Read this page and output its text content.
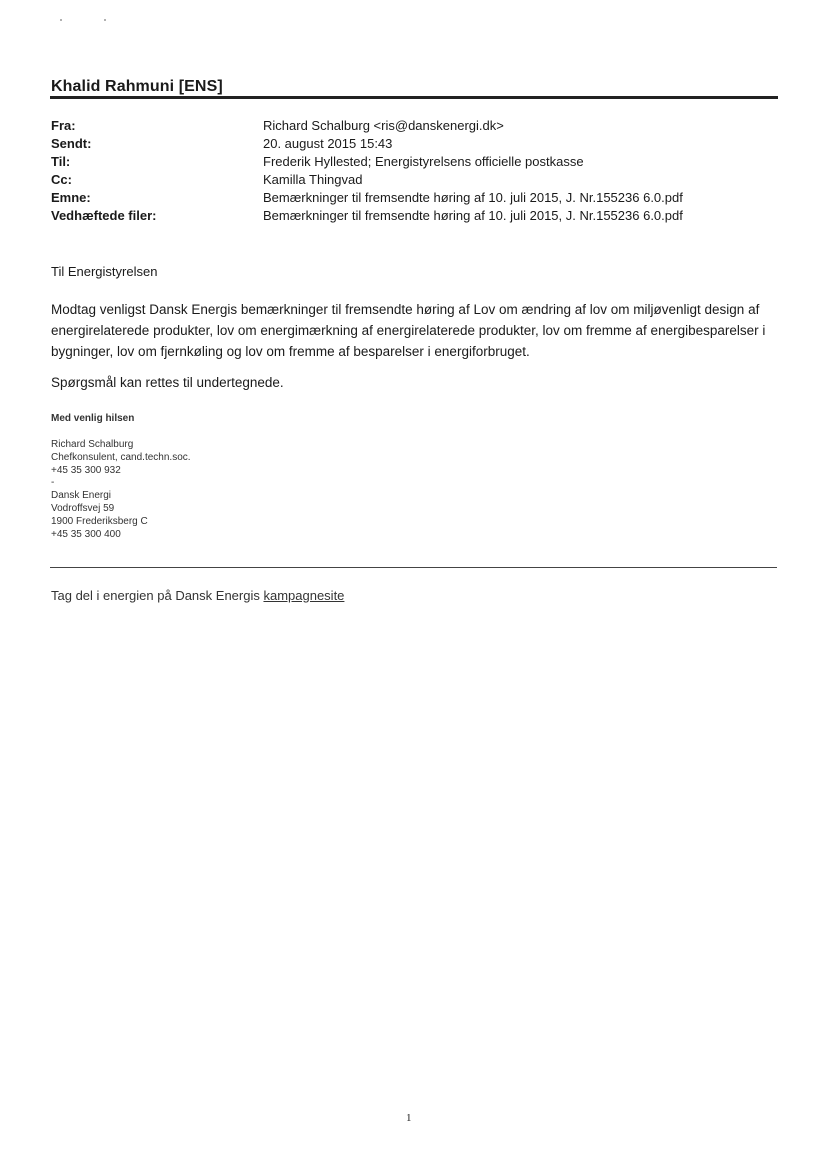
Khalid Rahmuni [ENS]
Fra:	Richard Schalburg <ris@danskenergi.dk>
Sendt:	20. august 2015 15:43
Til:	Frederik Hyllested; Energistyrelsens officielle postkasse
Cc:	Kamilla Thingvad
Emne:	Bemærkninger til fremsendte høring af 10. juli 2015, J. Nr.155236 6.0.pdf
Vedhæftede filer:	Bemærkninger til fremsendte høring af 10. juli 2015, J. Nr.155236 6.0.pdf
Til Energistyrelsen
Modtag venligst Dansk Energis bemærkninger til fremsendte høring af Lov om ændring af lov om miljøvenligt design af energirelaterede produkter, lov om energimærkning af energirelaterede produkter, lov om fremme af energibesparelser i bygninger, lov om fjernkøling og lov om fremme af besparelser i energiforbruget.
Spørgsmål kan rettes til undertegnede.
Med venlig hilsen
Richard Schalburg
Chefkonsulent, cand.techn.soc.
+45 35 300 932
-
Dansk Energi
Vodroffsvej 59
1900 Frederiksberg C
+45 35 300 400
Tag del i energien på Dansk Energis kampagnesite
1
